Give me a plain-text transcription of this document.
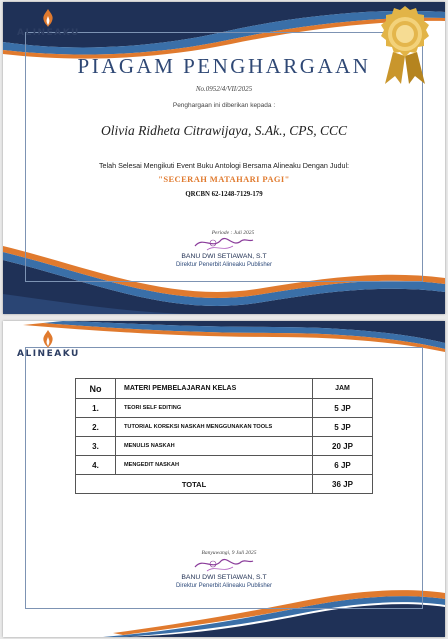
ALINEAKU
PIAGAM PENGHARGAAN
No.0952/4/VII/2025
Penghargaan ini diberikan kepada :
Olivia Ridheta Citrawijaya, S.Ak., CPS, CCC
Telah Selesai Mengikuti Event Buku Antologi Bersama Alineaku Dengan Judul:
"SECERAH MATAHARI PAGI"
QRCBN 62-1248-7129-179
Periode : Juli 2025
BANU DWI SETIAWAN, S.T
Direktur Penerbit Alineaku Publisher
ALINEAKU
No	MATERI PEMBELAJARAN KELAS	JAM
1.	TEORI SELF EDITING	5 JP
2.	TUTORIAL KOREKSI NASKAH MENGGUNAKAN TOOLS	5 JP
3.	MENULIS NASKAH	20 JP
4.	MENGEDIT NASKAH	6 JP
TOTAL		36 JP
Banyuwangi, 9 Juli 2025
BANU DWI SETIAWAN, S.T
Direktur Penerbit Alineaku Publisher
